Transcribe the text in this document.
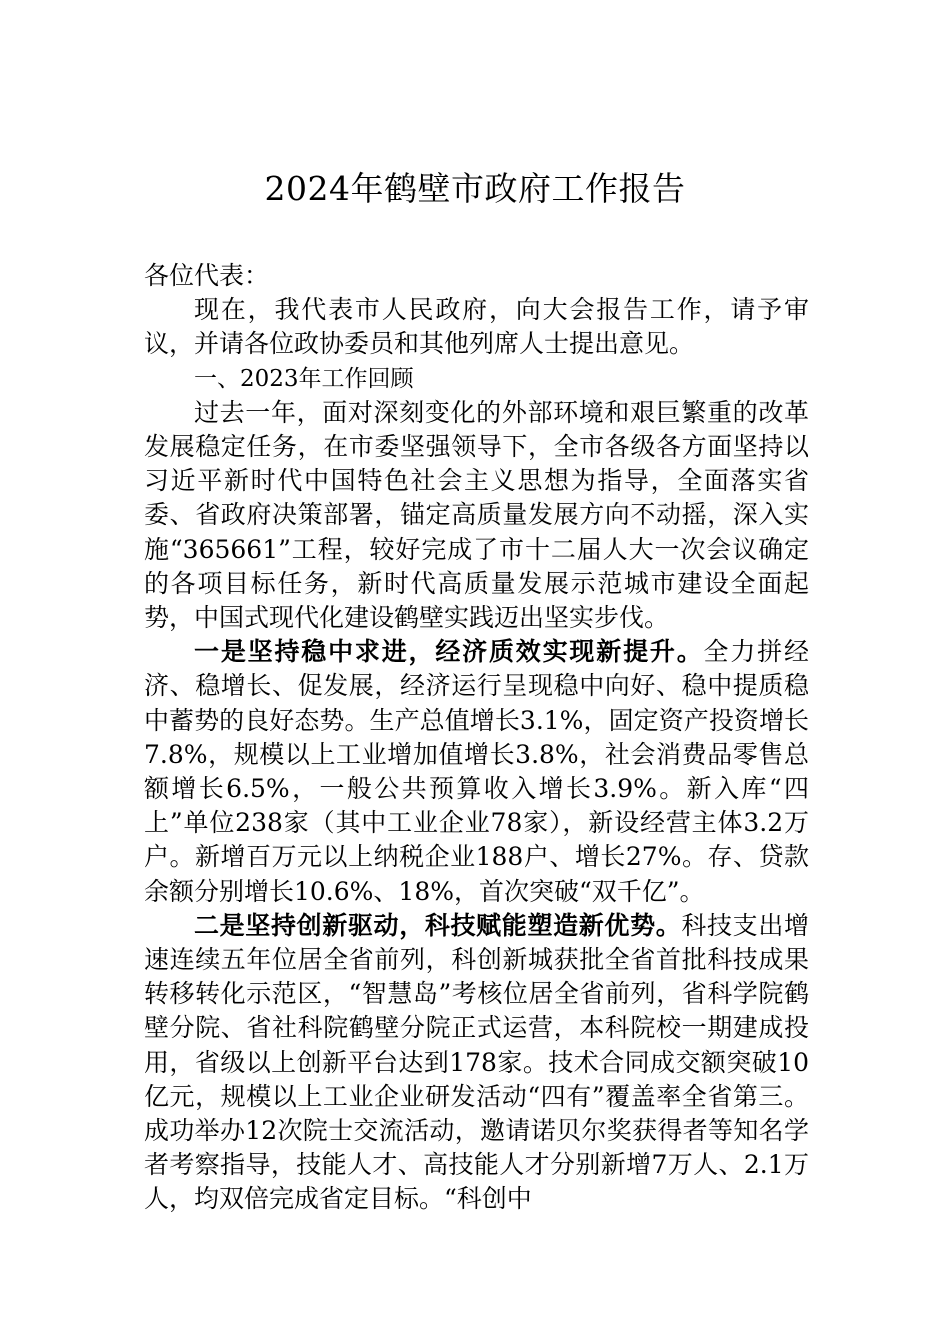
2024年鹤壁市政府工作报告

各位代表：

现在，我代表市人民政府，向大会报告工作，请予审议，并请各位政协委员和其他列席人士提出意见。

一、2023年工作回顾

过去一年，面对深刻变化的外部环境和艰巨繁重的改革发展稳定任务，在市委坚强领导下，全市各级各方面坚持以习近平新时代中国特色社会主义思想为指导，全面落实省委、省政府决策部署，锚定高质量发展方向不动摇，深入实施“365661”工程，较好完成了市十二届人大一次会议确定的各项目标任务，新时代高质量发展示范城市建设全面起势，中国式现代化建设鹤壁实践迈出坚实步伐。

一是坚持稳中求进，经济质效实现新提升。全力拼经济、稳增长、促发展，经济运行呈现稳中向好、稳中提质稳中蓄势的良好态势。生产总值增长3.1%，固定资产投资增长7.8%，规模以上工业增加值增长3.8%，社会消费品零售总额增长6.5%，一般公共预算收入增长3.9%。新入库“四上”单位238家（其中工业企业78家），新设经营主体3.2万户。新增百万元以上纳税企业188户、增长27%。存、贷款余额分别增长10.6%、18%，首次突破“双千亿”。

二是坚持创新驱动，科技赋能塑造新优势。科技支出增速连续五年位居全省前列，科创新城获批全省首批科技成果转移转化示范区，“智慧岛”考核位居全省前列，省科学院鹤壁分院、省社科院鹤壁分院正式运营，本科院校一期建成投用，省级以上创新平台达到178家。技术合同成交额突破10亿元，规模以上工业企业研发活动“四有”覆盖率全省第三。成功举办12次院士交流活动，邀请诺贝尔奖获得者等知名学者考察指导，技能人才、高技能人才分别新增7万人、2.1万人，均双倍完成省定目标。“科创中
